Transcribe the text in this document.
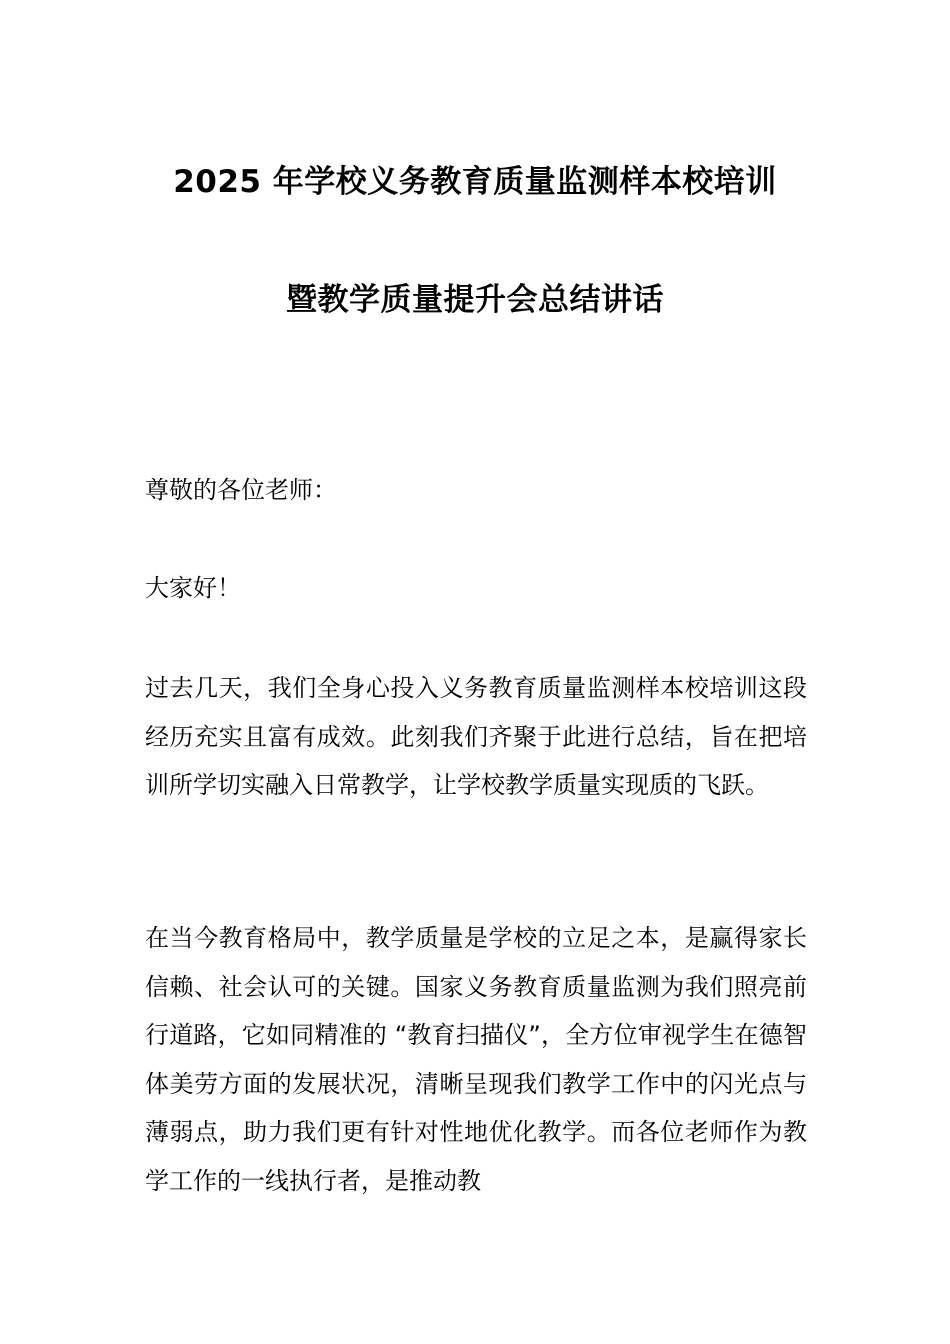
2025 年学校义务教育质量监测样本校培训
暨教学质量提升会总结讲话
尊敬的各位老师：
大家好！
过去几天，我们全身心投入义务教育质量监测样本校培训这段经历充实且富有成效。此刻我们齐聚于此进行总结，旨在把培训所学切实融入日常教学，让学校教学质量实现质的飞跃。
在当今教育格局中，教学质量是学校的立足之本，是赢得家长信赖、社会认可的关键。国家义务教育质量监测为我们照亮前行道路，它如同精准的 “教育扫描仪”，全方位审视学生在德智体美劳方面的发展状况，清晰呈现我们教学工作中的闪光点与薄弱点，助力我们更有针对性地优化教学。而各位老师作为教学工作的一线执行者，是推动教
